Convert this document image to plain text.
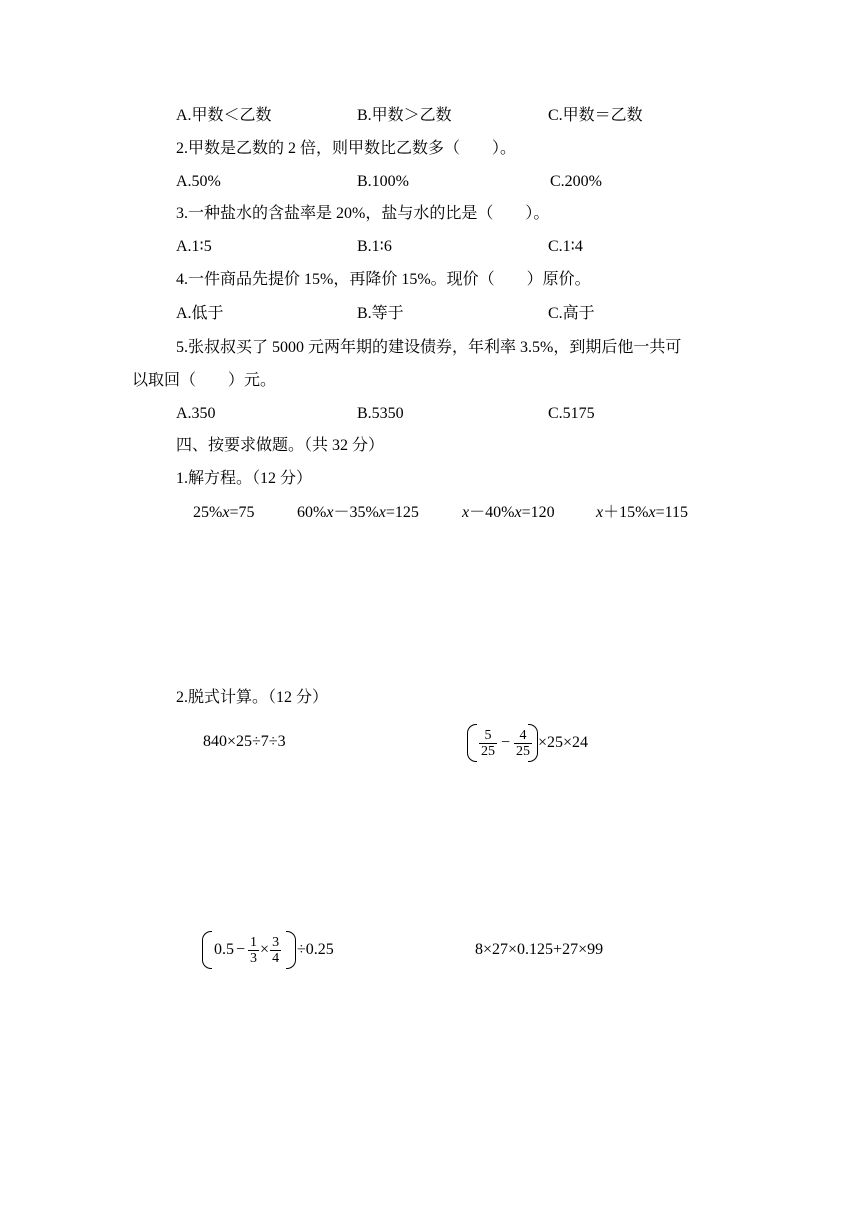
A.甲数＜乙数	B.甲数＞乙数	C.甲数＝乙数
2.甲数是乙数的 2 倍，则甲数比乙数多（　　）。
A.50%	B.100%	C.200%
3.一种盐水的含盐率是 20%，盐与水的比是（　　）。
A.1∶5	B.1∶6	C.1∶4
4.一件商品先提价 15%，再降价 15%。现价（　　）原价。
A.低于	B.等于	C.高于
5.张叔叔买了 5000 元两年期的建设债券，年利率 3.5%，到期后他一共可
以取回（　　）元。
A.350	B.5350	C.5175
四、按要求做题。（共 32 分）
1.解方程。（12 分）
25%x=75	60%x－35%x=125	x－40%x=120	x＋15%x=115
2.脱式计算。（12 分）
840×25÷7÷3	$\frac{5}{25} - \frac{4}{25} \times 25\times 24$
$0.5 - \frac{1}{3} \times \frac{3}{4} \div 0.25$	8×27×0.125+27×99
